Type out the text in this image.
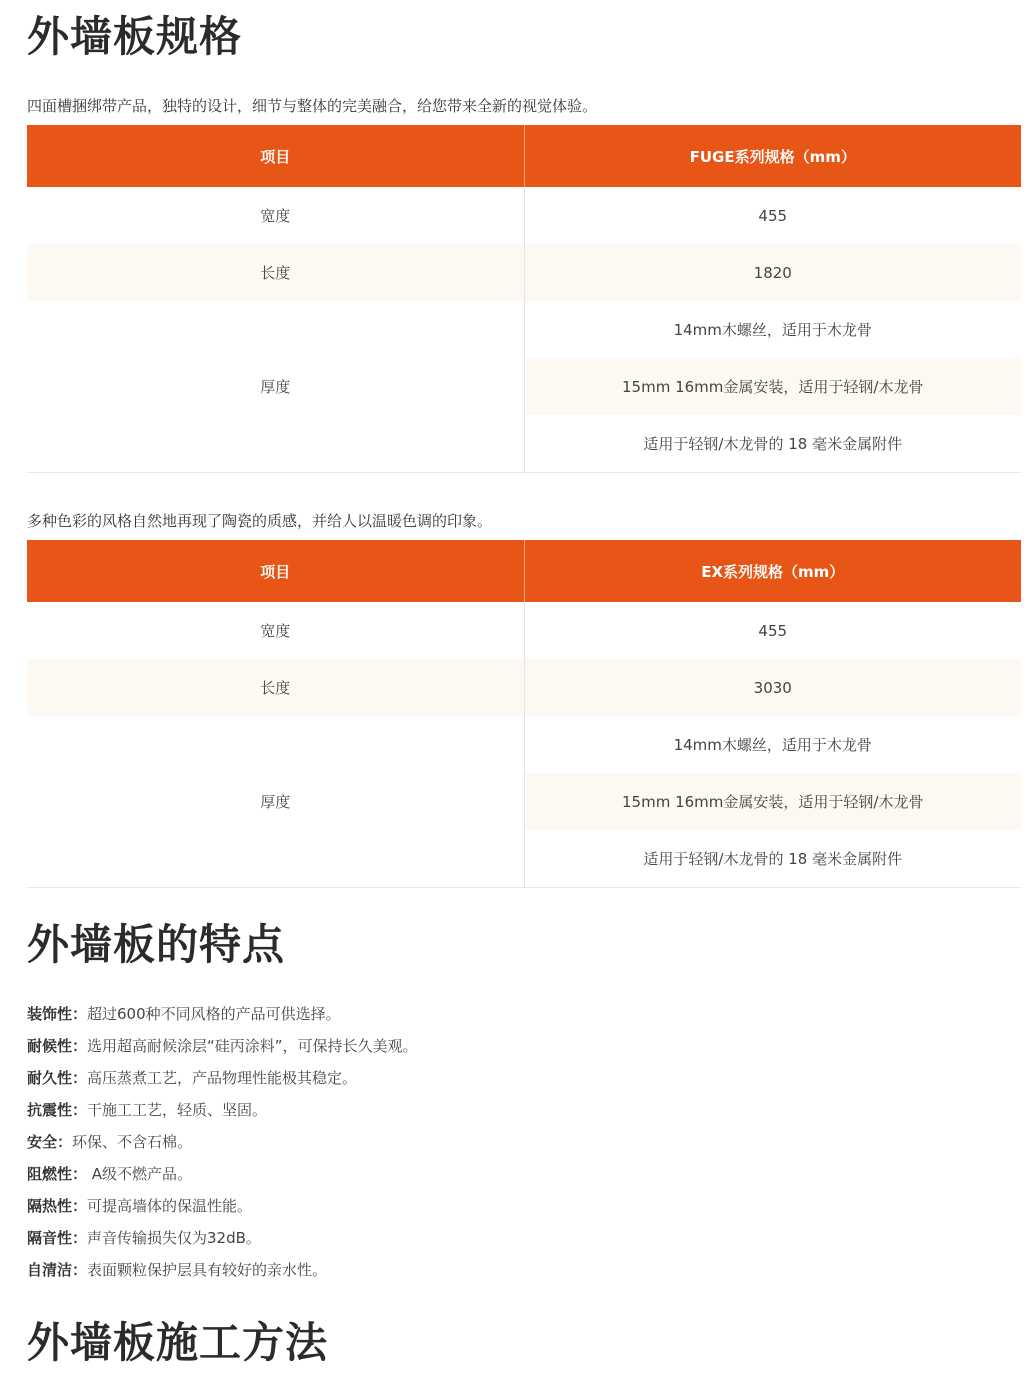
外墙板规格

四面槽捆绑带产品，独特的设计，细节与整体的完美融合，给您带来全新的视觉体验。

项目	FUGE系列规格（mm）
宽度	455
长度	1820
厚度	14mm木螺丝，适用于木龙骨
	15mm 16mm金属安装，适用于轻钢/木龙骨
	适用于轻钢/木龙骨的 18 毫米金属附件

多种色彩的风格自然地再现了陶瓷的质感，并给人以温暖色调的印象。

项目	EX系列规格（mm）
宽度	455
长度	3030
厚度	14mm木螺丝，适用于木龙骨
	15mm 16mm金属安装，适用于轻钢/木龙骨
	适用于轻钢/木龙骨的 18 毫米金属附件
外墙板的特点
装饰性：超过600种不同风格的产品可供选择。
耐候性：选用超高耐候涂层“硅丙涂料”，可保持长久美观。
耐久性：高压蒸煮工艺，产品物理性能极其稳定。
抗震性：干施工工艺，轻质、坚固。
安全：环保、不含石棉。
阻燃性： A级不燃产品。
隔热性：可提高墙体的保温性能。
隔音性：声音传输损失仅为32dB。
自清洁：表面颗粒保护层具有较好的亲水性。
外墙板施工方法
